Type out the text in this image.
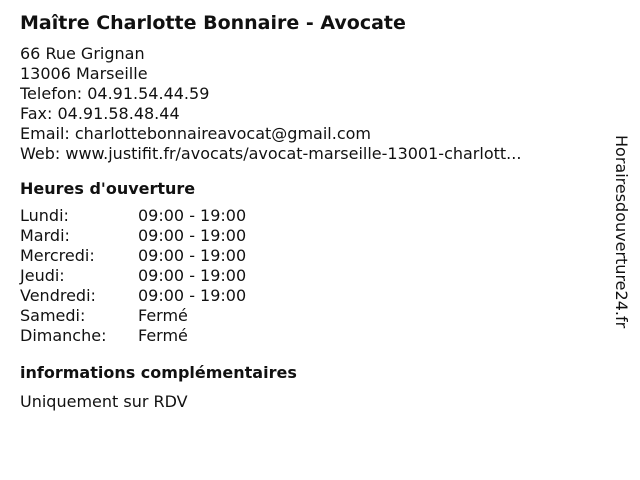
Maître Charlotte Bonnaire - Avocate
66 Rue Grignan
13006 Marseille
Telefon: 04.91.54.44.59
Fax: 04.91.58.48.44
Email: charlottebonnaireavocat@gmail.com
Web: www.justifit.fr/avocats/avocat-marseille-13001-charlott...
Heures d'ouverture
Lundi:	09:00 - 19:00
Mardi:	09:00 - 19:00
Mercredi:	09:00 - 19:00
Jeudi:	09:00 - 19:00
Vendredi:	09:00 - 19:00
Samedi:	Fermé
Dimanche:	Fermé
informations complémentaires
Uniquement sur RDV
Horairesdouverture24.fr
